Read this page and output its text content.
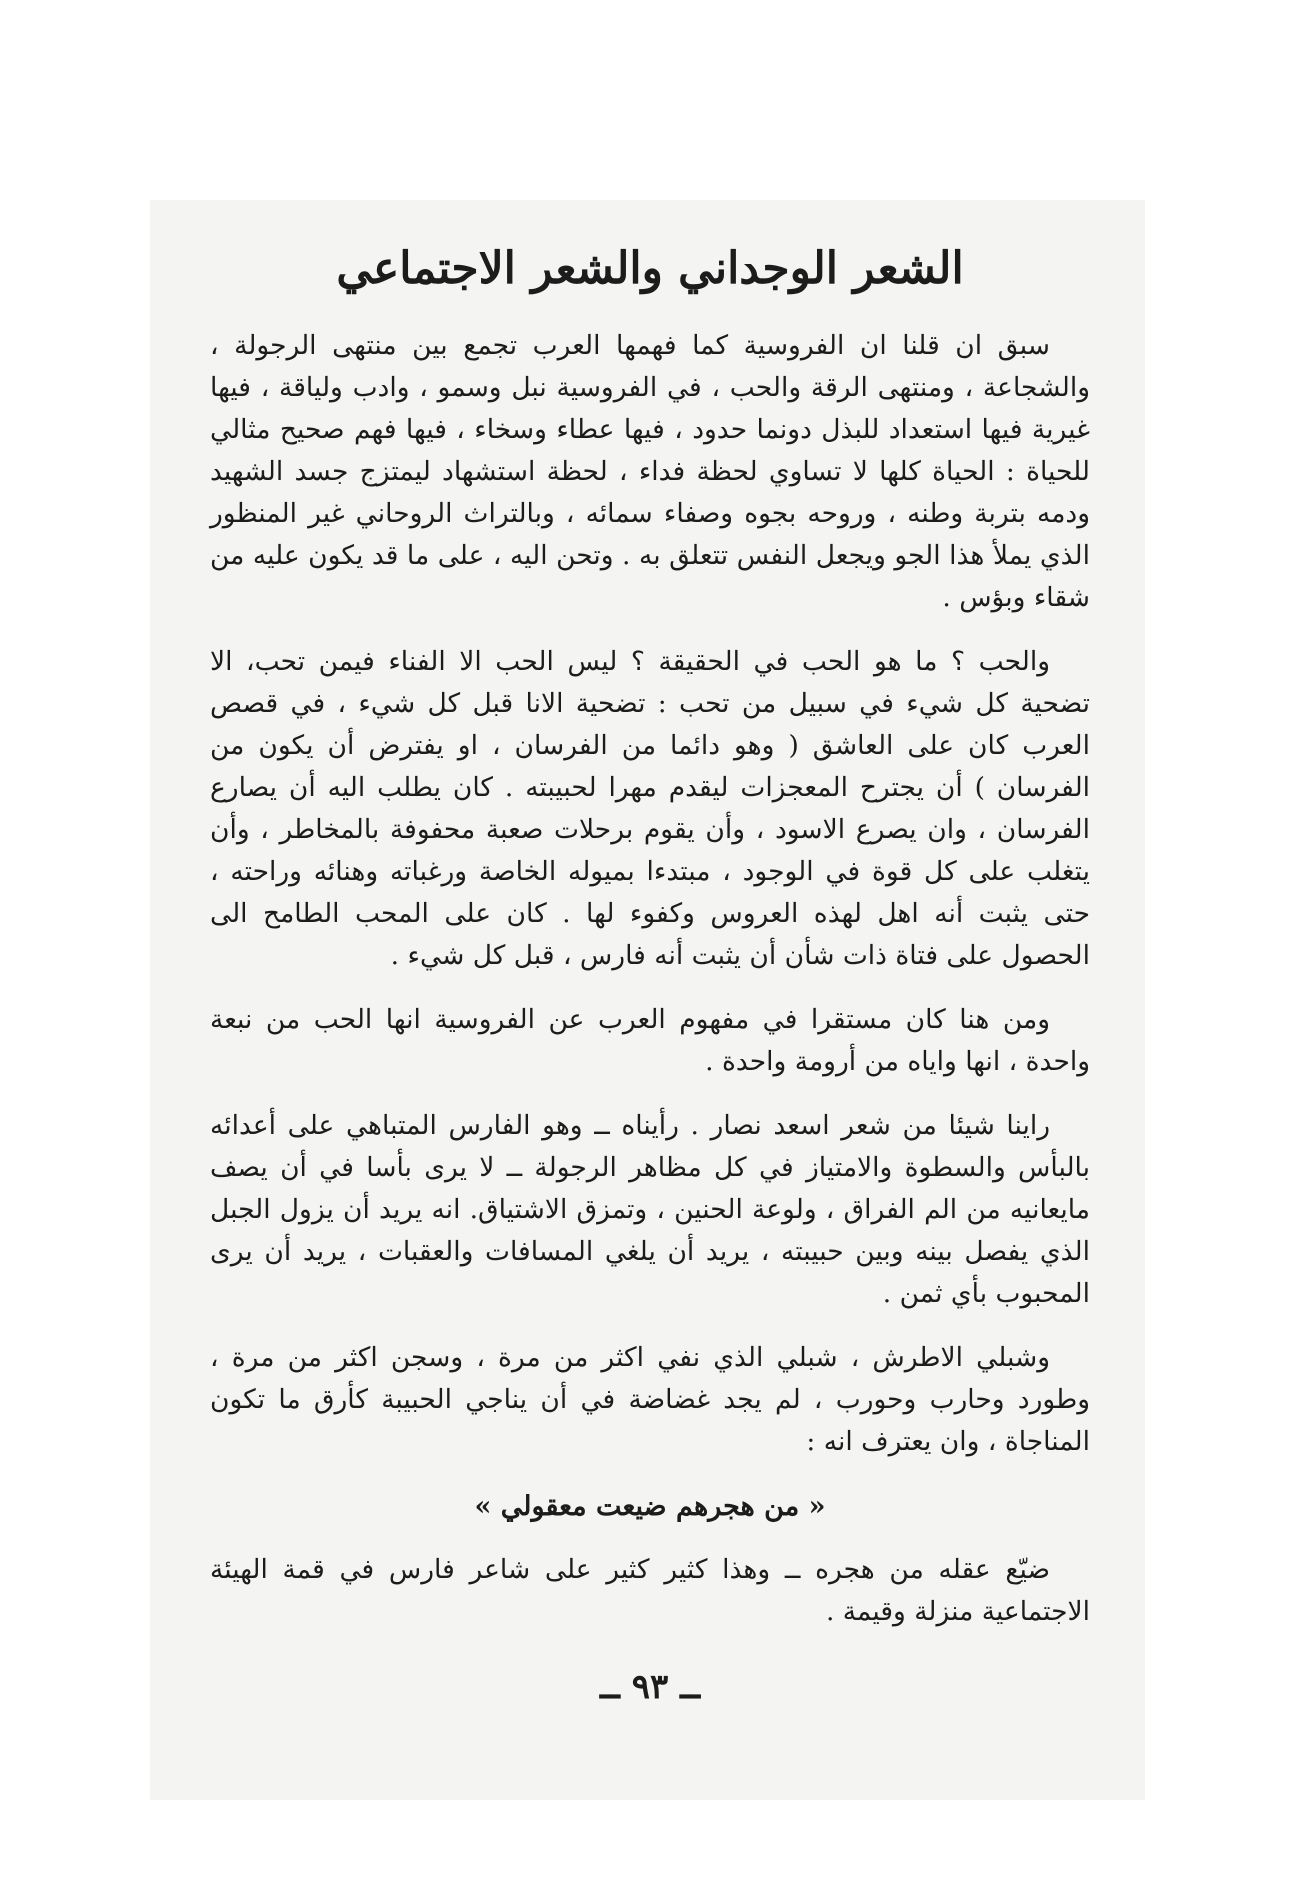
الشعر الوجداني والشعر الاجتماعي

سبق ان قلنا ان الفروسية كما فهمها العرب تجمع بين منتهى الرجولة ، والشجاعة ، ومنتهى الرقة والحب ، في الفروسية نبل وسمو ، وادب ولياقة ، فيها غيرية فيها استعداد للبذل دونما حدود ، فيها عطاء وسخاء ، فيها فهم صحيح مثالي للحياة : الحياة كلها لا تساوي لحظة فداء ، لحظة استشهاد ليمتزج جسد الشهيد ودمه بتربة وطنه ، وروحه بجوه وصفاء سمائه ، وبالتراث الروحاني غير المنظور الذي يملأ هذا الجو ويجعل النفس تتعلق به . وتحن اليه ، على ما قد يكون عليه من شقاء وبؤس .

والحب ؟ ما هو الحب في الحقيقة ؟ ليس الحب الا الفناء فيمن تحب، الا تضحية كل شيء في سبيل من تحب : تضحية الانا قبل كل شيء ، في قصص العرب كان على العاشق ( وهو دائما من الفرسان ، او يفترض أن يكون من الفرسان ) أن يجترح المعجزات ليقدم مهرا لحبيبته . كان يطلب اليه أن يصارع الفرسان ، وان يصرع الاسود ، وأن يقوم برحلات صعبة محفوفة بالمخاطر ، وأن يتغلب على كل قوة في الوجود ، مبتدءا بميوله الخاصة ورغباته وهنائه وراحته ، حتى يثبت أنه اهل لهذه العروس وكفوء لها . كان على المحب الطامح الى الحصول على فتاة ذات شأن أن يثبت أنه فارس ، قبل كل شيء .

ومن هنا كان مستقرا في مفهوم العرب عن الفروسية انها الحب من نبعة واحدة ، انها واياه من أرومة واحدة .

راينا شيئا من شعر اسعد نصار . رأيناه ــ وهو الفارس المتباهي على أعدائه بالبأس والسطوة والامتياز في كل مظاهر الرجولة ــ لا يرى بأسا في أن يصف مايعانيه من الم الفراق ، ولوعة الحنين ، وتمزق الاشتياق. انه يريد أن يزول الجبل الذي يفصل بينه وبين حبيبته ، يريد أن يلغي المسافات والعقبات ، يريد أن يرى المحبوب بأي ثمن .

وشبلي الاطرش ، شبلي الذي نفي اكثر من مرة ، وسجن اكثر من مرة ، وطورد وحارب وحورب ، لم يجد غضاضة في أن يناجي الحبيبة كأرق ما تكون المناجاة ، وان يعترف انه :

« من هجرهم ضيعت معقولي »

ضيّع عقله من هجره ــ وهذا كثير كثير على شاعر فارس في قمة الهيئة الاجتماعية منزلة وقيمة .

ــ ٩٣ ــ
